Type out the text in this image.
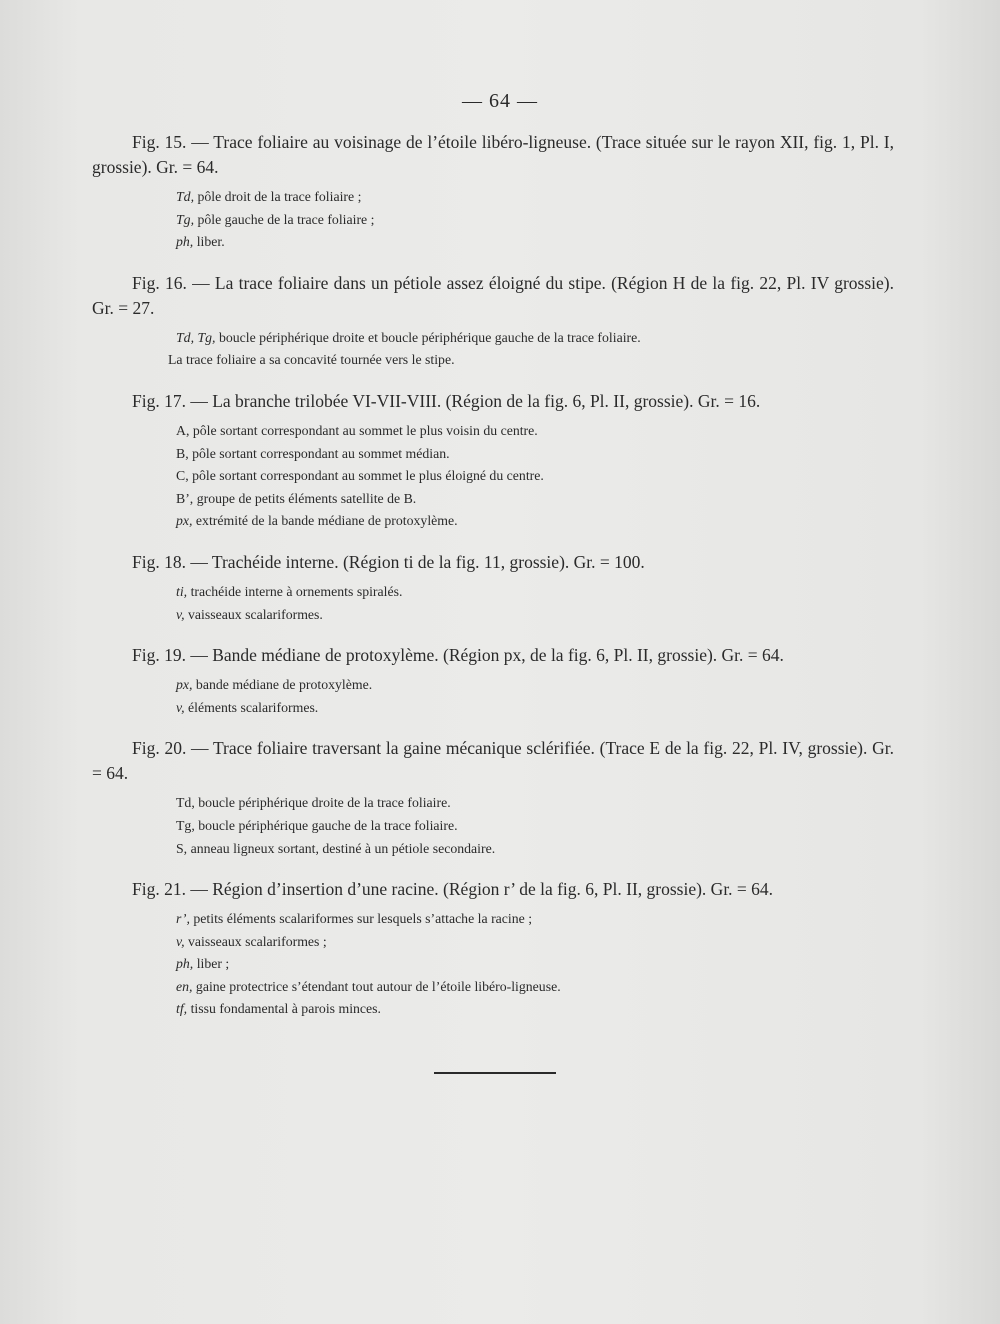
— 64 —

Fig. 15. — Trace foliaire au voisinage de l’étoile libéro-ligneuse. (Trace située sur le rayon XII, fig. 1, Pl. I, grossie). Gr. = 64.

Td, pôle droit de la trace foliaire ;
Tg, pôle gauche de la trace foliaire ;
ph, liber.

Fig. 16. — La trace foliaire dans un pétiole assez éloigné du stipe. (Région H de la fig. 22, Pl. IV grossie). Gr. = 27.

Td, Tg, boucle périphérique droite et boucle périphérique gauche de la trace foliaire.
La trace foliaire a sa concavité tournée vers le stipe.

Fig. 17. — La branche trilobée VI-VII-VIII. (Région de la fig. 6, Pl. II, grossie). Gr. = 16.

A, pôle sortant correspondant au sommet le plus voisin du centre.
B, pôle sortant correspondant au sommet médian.
C, pôle sortant correspondant au sommet le plus éloigné du centre.
B’, groupe de petits éléments satellite de B.
px, extrémité de la bande médiane de protoxylème.

Fig. 18. — Trachéide interne. (Région ti de la fig. 11, grossie). Gr. = 100.

ti, trachéide interne à ornements spiralés.
v, vaisseaux scalariformes.

Fig. 19. — Bande médiane de protoxylème. (Région px, de la fig. 6, Pl. II, grossie). Gr. = 64.

px, bande médiane de protoxylème.
v, éléments scalariformes.

Fig. 20. — Trace foliaire traversant la gaine mécanique sclérifiée. (Trace E de la fig. 22, Pl. IV, grossie). Gr. = 64.

Td, boucle périphérique droite de la trace foliaire.
Tg, boucle périphérique gauche de la trace foliaire.
S, anneau ligneux sortant, destiné à un pétiole secondaire.

Fig. 21. — Région d’insertion d’une racine. (Région r’ de la fig. 6, Pl. II, grossie). Gr. = 64.

r’, petits éléments scalariformes sur lesquels s’attache la racine ;
v, vaisseaux scalariformes ;
ph, liber ;
en, gaine protectrice s’étendant tout autour de l’étoile libéro-ligneuse.
tf, tissu fondamental à parois minces.
